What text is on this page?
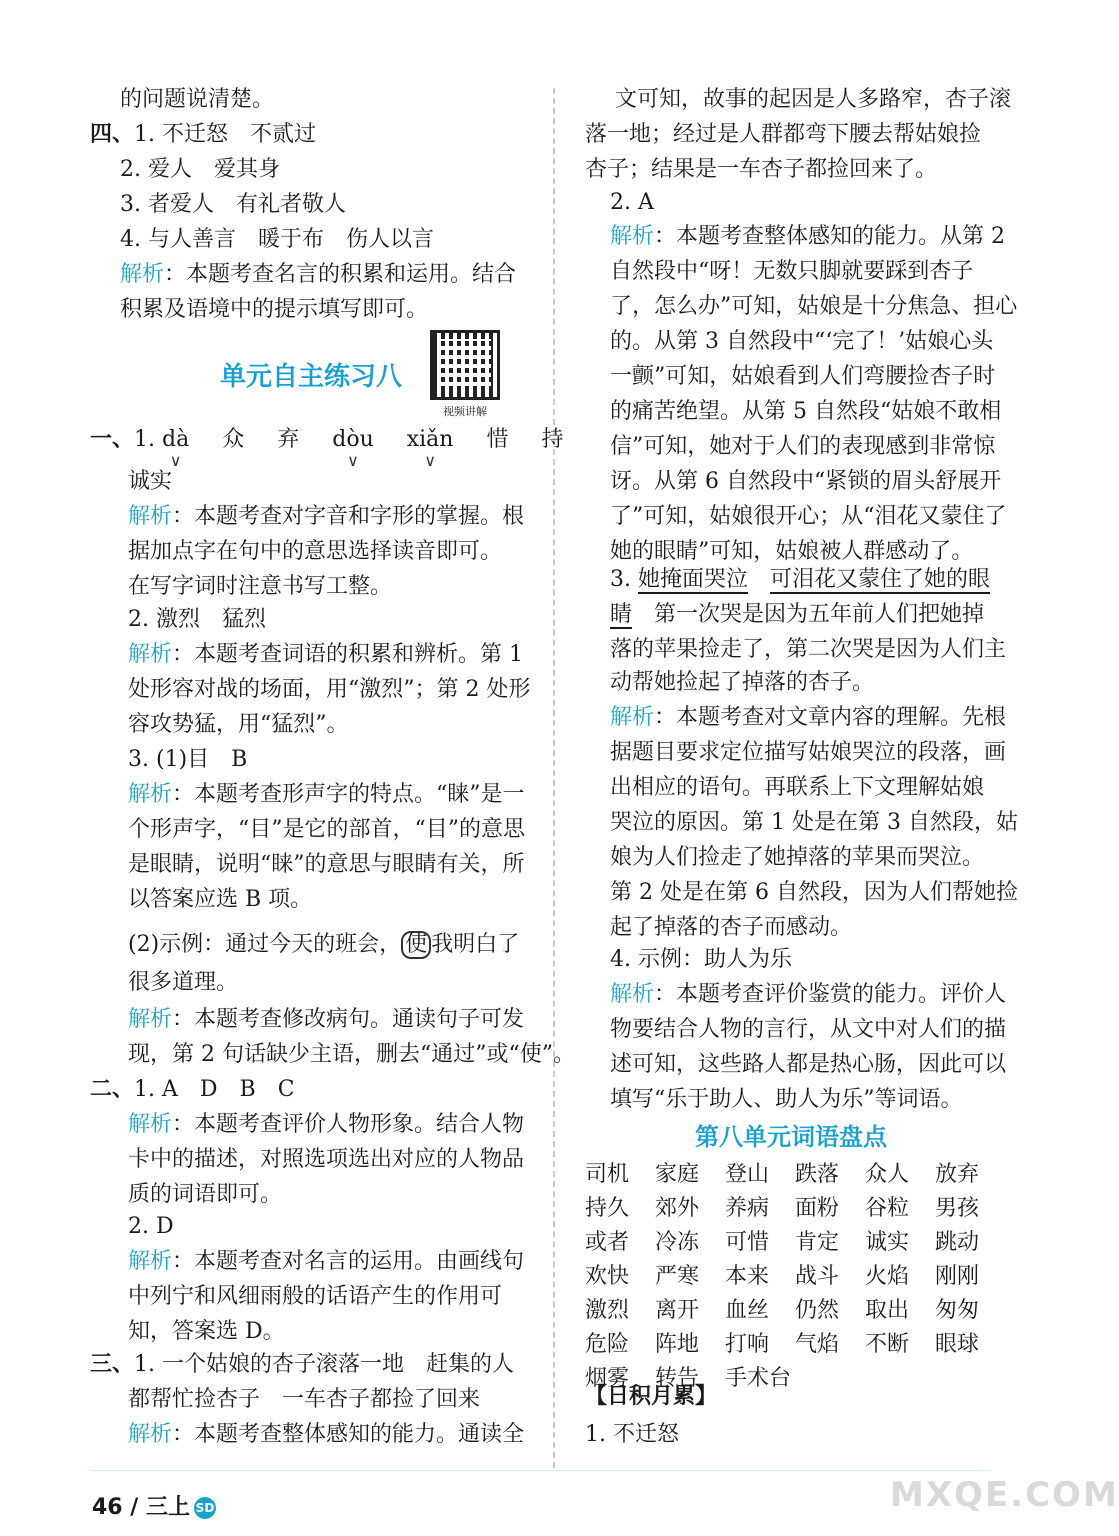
的问题说清楚。
四、1. 不迁怒　不贰过
2. 爱人　爱其身
3. 者爱人　有礼者敬人
4. 与人善言　暖于布　伤人以言
解析：本题考查名言的积累和运用。结合
积累及语境中的提示填写即可。
单元自主练习八
视频讲解
一、1. dà
∨
众 弃 dòu
∨
xiǎn
∨
惜 持
诚实
解析：本题考查对字音和字形的掌握。根
据加点字在句中的意思选择读音即可。
在写字词时注意书写工整。
2. 激烈　猛烈
解析：本题考查词语的积累和辨析。第 1
处形容对战的场面，用“激烈”；第 2 处形
容攻势猛，用“猛烈”。
3. (1)目　B
解析：本题考查形声字的特点。“睐”是一
个形声字，“目”是它的部首，“目”的意思
是眼睛，说明“睐”的意思与眼睛有关，所
以答案应选 B 项。
(2)示例：通过今天的班会， 使 我明白了
很多道理。
解析：本题考查修改病句。通读句子可发
现，第 2 句话缺少主语，删去“通过”或“使”。
二、1. A　D　B　C
解析：本题考查评价人物形象。结合人物
卡中的描述，对照选项选出对应的人物品
质的词语即可。
2. D
解析：本题考查对名言的运用。由画线句
中列宁和风细雨般的话语产生的作用可
知，答案选 D。
三、1. 一个姑娘的杏子滚落一地　赶集的人
都帮忙捡杏子　一车杏子都捡了回来
解析：本题考查整体感知的能力。通读全
文可知，故事的起因是人多路窄，杏子滚
落一地；经过是人群都弯下腰去帮姑娘捡
杏子；结果是一车杏子都捡回来了。
2. A
解析：本题考查整体感知的能力。从第 2
自然段中“呀！无数只脚就要踩到杏子
了，怎么办”可知，姑娘是十分焦急、担心
的。从第 3 自然段中“‘完了！’姑娘心头
一颤”可知，姑娘看到人们弯腰捡杏子时
的痛苦绝望。从第 5 自然段“姑娘不敢相
信”可知，她对于人们的表现感到非常惊
讶。从第 6 自然段中“紧锁的眉头舒展开
了”可知，姑娘很开心；从“泪花又蒙住了
她的眼睛”可知，姑娘被人群感动了。
3. 她掩面哭泣　 可泪花又蒙住了她的眼
睛　第一次哭是因为五年前人们把她掉
落的苹果捡走了，第二次哭是因为人们主
动帮她捡起了掉落的杏子。
解析：本题考查对文章内容的理解。先根
据题目要求定位描写姑娘哭泣的段落，画
出相应的语句。再联系上下文理解姑娘
哭泣的原因。第 1 处是在第 3 自然段，姑
娘为人们捡走了她掉落的苹果而哭泣。
第 2 处是在第 6 自然段，因为人们帮她捡
起了掉落的杏子而感动。
4. 示例：助人为乐
解析：本题考查评价鉴赏的能力。评价人
物要结合人物的言行，从文中对人们的描
述可知，这些路人都是热心肠，因此可以
填写“乐于助人、助人为乐”等词语。
第八单元词语盘点
司机	家庭	登山	跌落	众人	放弃
持久	郊外	养病	面粉	谷粒	男孩
或者	冷冻	可惜	肯定	诚实	跳动
欢快	严寒	本来	战斗	火焰	刚刚
激烈	离开	血丝	仍然	取出	匆匆
危险	阵地	打响	气焰	不断	眼球
烟雾	转告	手术台
【日积月累】
1. 不迁怒
46 / 三上 SD	MXQE.COM
